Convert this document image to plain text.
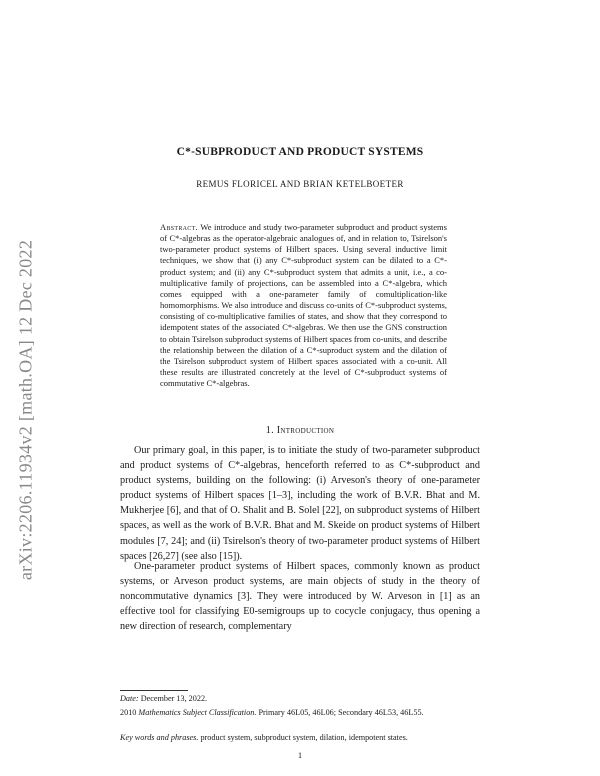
arXiv:2206.11934v2 [math.OA] 12 Dec 2022
C*-SUBPRODUCT AND PRODUCT SYSTEMS
REMUS FLORICEL AND BRIAN KETELBOETER
Abstract. We introduce and study two-parameter subproduct and product systems of C*-algebras as the operator-algebraic analogues of, and in relation to, Tsirelson's two-parameter product systems of Hilbert spaces. Using several inductive limit techniques, we show that (i) any C*-subproduct system can be dilated to a C*-product system; and (ii) any C*-subproduct system that admits a unit, i.e., a co-multiplicative family of projections, can be assembled into a C*-algebra, which comes equipped with a one-parameter family of comultiplication-like homomorphisms. We also introduce and discuss co-units of C*-subproduct systems, consisting of co-multiplicative families of states, and show that they correspond to idempotent states of the associated C*-algebras. We then use the GNS construction to obtain Tsirelson subproduct systems of Hilbert spaces from co-units, and describe the relationship between the dilation of a C*-suproduct system and the dilation of the Tsirelson subproduct system of Hilbert spaces associated with a co-unit. All these results are illustrated concretely at the level of C*-subproduct systems of commutative C*-algebras.
1. Introduction
Our primary goal, in this paper, is to initiate the study of two-parameter subproduct and product systems of C*-algebras, henceforth referred to as C*-subproduct and product systems, building on the following: (i) Arveson's theory of one-parameter product systems of Hilbert spaces [1–3], including the work of B.V.R. Bhat and M. Mukherjee [6], and that of O. Shalit and B. Solel [22], on subproduct systems of Hilbert spaces, as well as the work of B.V.R. Bhat and M. Skeide on product systems of Hilbert modules [7, 24]; and (ii) Tsirelson's theory of two-parameter product systems of Hilbert spaces [26,27] (see also [15]).
One-parameter product systems of Hilbert spaces, commonly known as product systems, or Arveson product systems, are main objects of study in the theory of noncommutative dynamics [3]. They were introduced by W. Arveson in [1] as an effective tool for classifying E0-semigroups up to cocycle conjugacy, thus opening a new direction of research, complementary
Date: December 13, 2022.
2010 Mathematics Subject Classification. Primary 46L05, 46L06; Secondary 46L53, 46L55.
Key words and phrases. product system, subproduct system, dilation, idempotent states.
1
